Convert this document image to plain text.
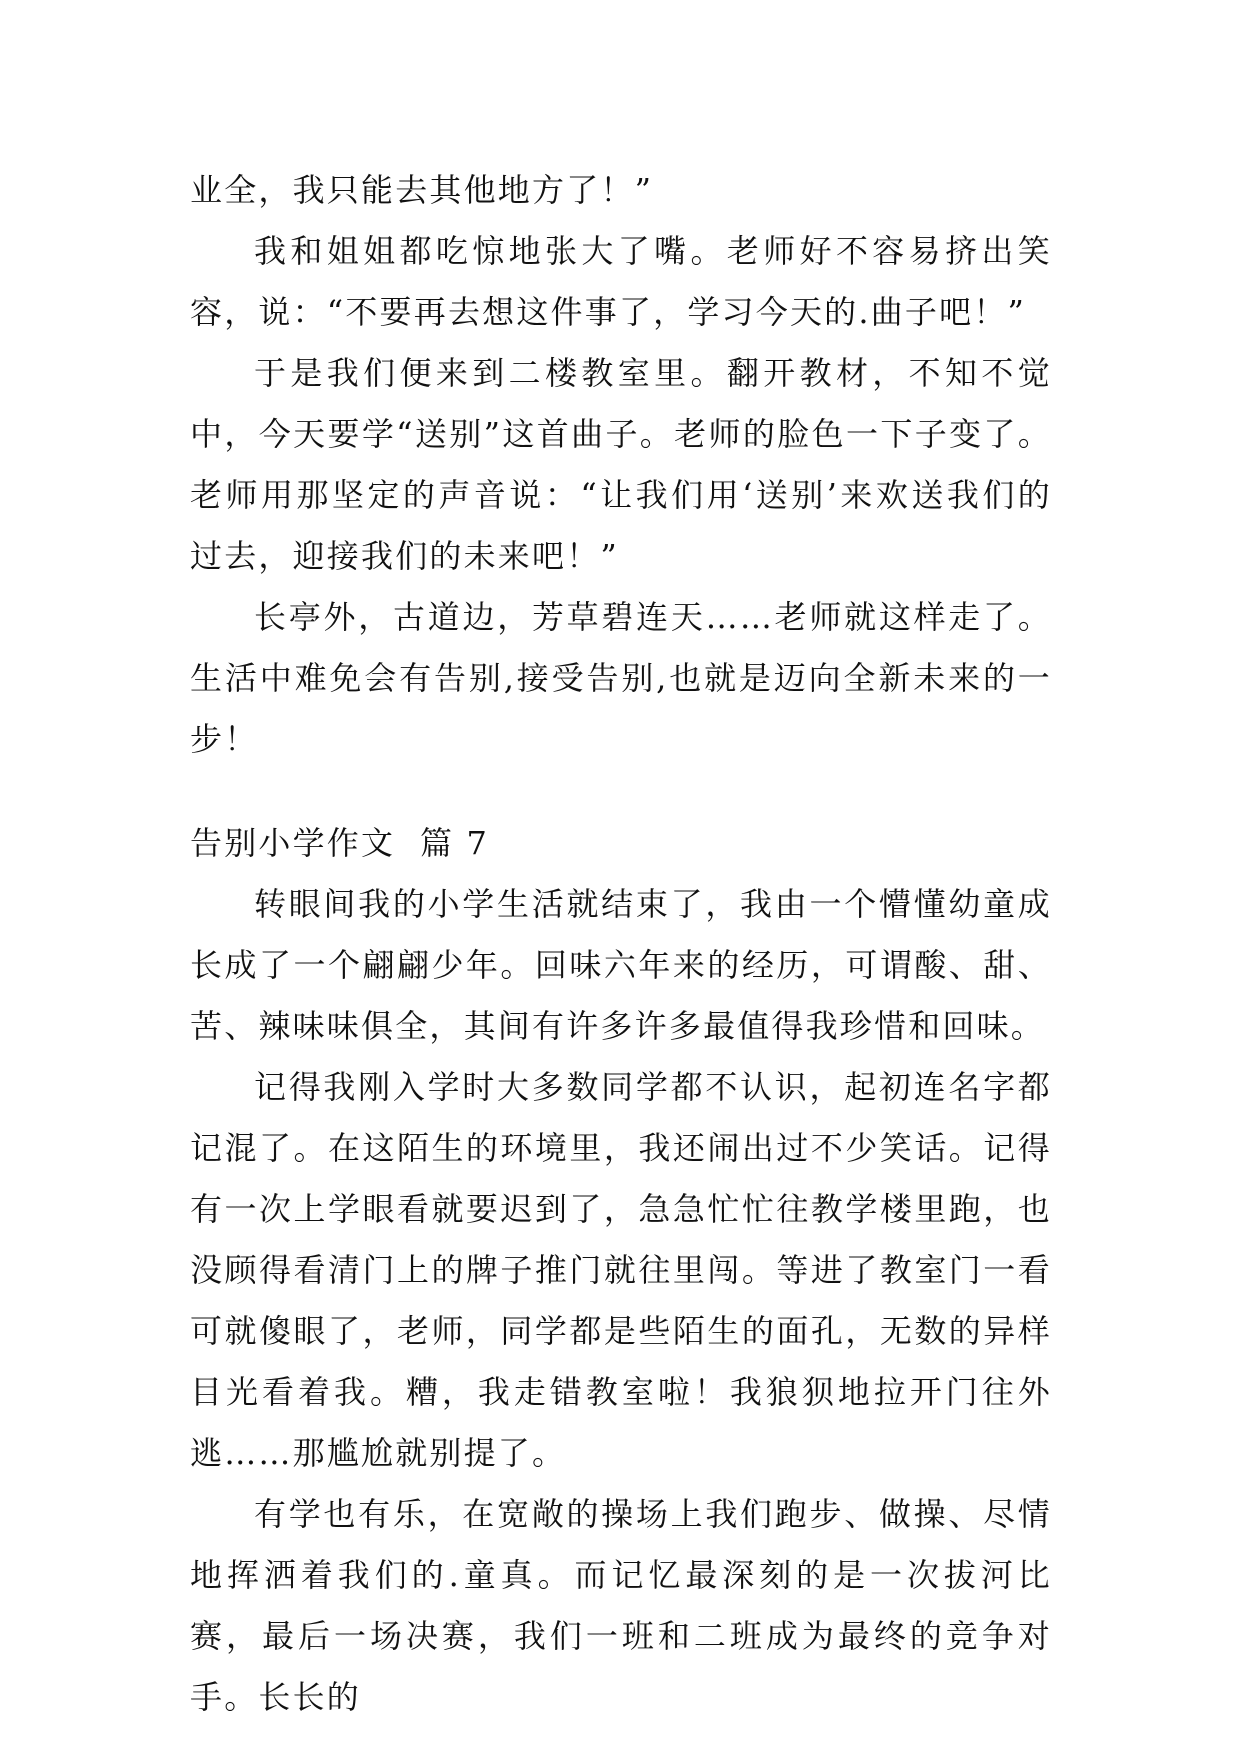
业全，我只能去其他地方了！”

我和姐姐都吃惊地张大了嘴。老师好不容易挤出笑容，说：“不要再去想这件事了，学习今天的.曲子吧！”

于是我们便来到二楼教室里。翻开教材，不知不觉中，今天要学“送别”这首曲子。老师的脸色一下子变了。老师用那坚定的声音说：“让我们用‘送别’来欢送我们的过去，迎接我们的未来吧！”

长亭外，古道边，芳草碧连天……老师就这样走了。生活中难免会有告别,接受告别,也就是迈向全新未来的一步！

告别小学作文  篇 7

转眼间我的小学生活就结束了，我由一个懵懂幼童成长成了一个翩翩少年。回味六年来的经历，可谓酸、甜、苦、辣味味俱全，其间有许多许多最值得我珍惜和回味。

记得我刚入学时大多数同学都不认识，起初连名字都记混了。在这陌生的环境里，我还闹出过不少笑话。记得有一次上学眼看就要迟到了，急急忙忙往教学楼里跑，也没顾得看清门上的牌子推门就往里闯。等进了教室门一看可就傻眼了，老师，同学都是些陌生的面孔，无数的异样目光看着我。糟，我走错教室啦！我狼狈地拉开门往外逃……那尴尬就别提了。

有学也有乐，在宽敞的操场上我们跑步、做操、尽情地挥洒着我们的.童真。而记忆最深刻的是一次拔河比赛，最后一场决赛，我们一班和二班成为最终的竞争对手。长长的
